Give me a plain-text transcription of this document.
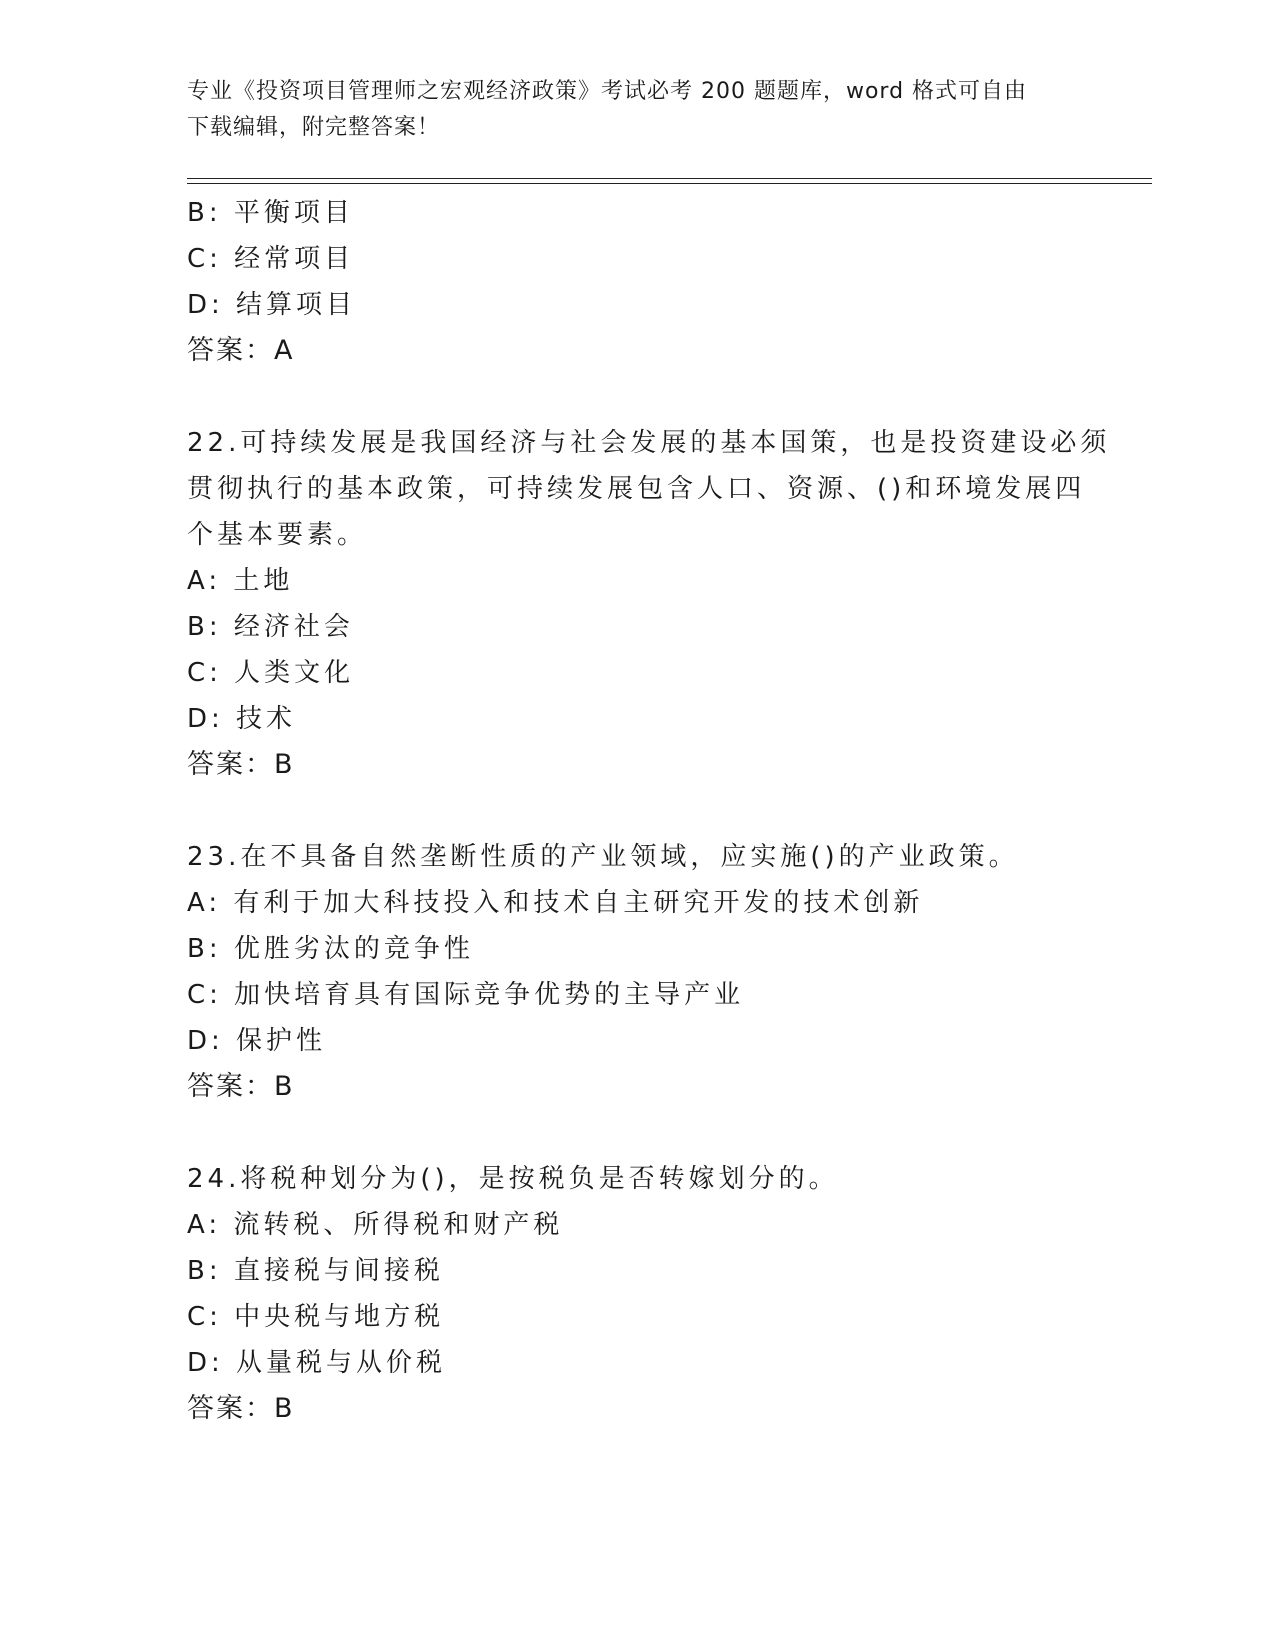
专业《投资项目管理师之宏观经济政策》考试必考 200 题题库，word 格式可自由
下载编辑，附完整答案！
B: 平衡项目
C: 经常项目
D: 结算项目
答案：A
22.可持续发展是我国经济与社会发展的基本国策，也是投资建设必须
贯彻执行的基本政策，可持续发展包含人口、资源、()和环境发展四
个基本要素。
A: 土地
B: 经济社会
C: 人类文化
D: 技术
答案：B
23.在不具备自然垄断性质的产业领域，应实施()的产业政策。
A: 有利于加大科技投入和技术自主研究开发的技术创新
B: 优胜劣汰的竞争性
C: 加快培育具有国际竞争优势的主导产业
D: 保护性
答案：B
24.将税种划分为()，是按税负是否转嫁划分的。
A: 流转税、所得税和财产税
B: 直接税与间接税
C: 中央税与地方税
D: 从量税与从价税
答案：B
